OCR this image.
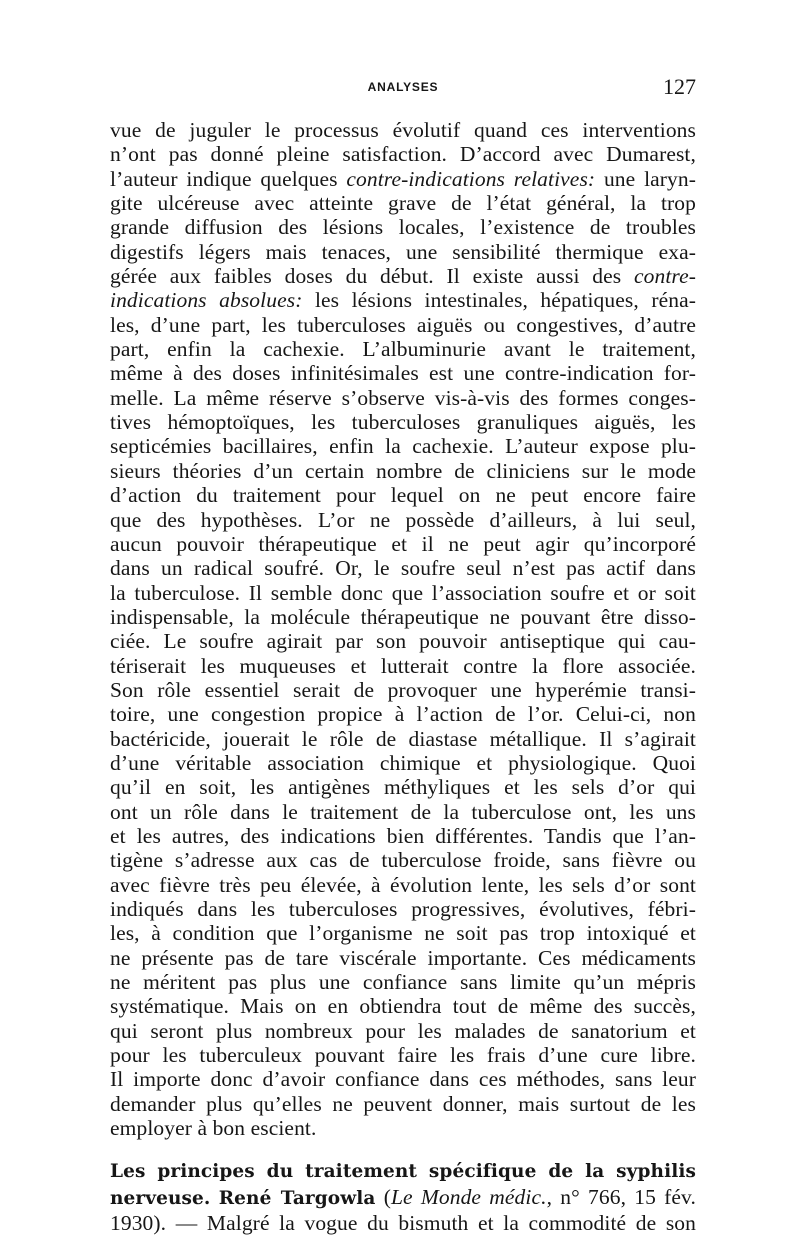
ANALYSES	127

vue de juguler le processus évolutif quand ces interventions
n’ont pas donné pleine satisfaction. D’accord avec Dumarest,
l’auteur indique quelques contre-indications relatives: une laryn-
gite ulcéreuse avec atteinte grave de l’état général, la trop
grande diffusion des lésions locales, l’existence de troubles
digestifs légers mais tenaces, une sensibilité thermique exa-
gérée aux faibles doses du début. Il existe aussi des contre-
indications absolues: les lésions intestinales, hépatiques, réna-
les, d’une part, les tuberculoses aiguës ou congestives, d’autre
part, enfin la cachexie. L’albuminurie avant le traitement,
même à des doses infinitésimales est une contre-indication for-
melle. La même réserve s’observe vis-à-vis des formes conges-
tives hémoptoïques, les tuberculoses granuliques aiguës, les
septicémies bacillaires, enfin la cachexie. L’auteur expose plu-
sieurs théories d’un certain nombre de cliniciens sur le mode
d’action du traitement pour lequel on ne peut encore faire
que des hypothèses. L’or ne possède d’ailleurs, à lui seul,
aucun pouvoir thérapeutique et il ne peut agir qu’incorporé
dans un radical soufré. Or, le soufre seul n’est pas actif dans
la tuberculose. Il semble donc que l’association soufre et or soit
indispensable, la molécule thérapeutique ne pouvant être disso-
ciée. Le soufre agirait par son pouvoir antiseptique qui cau-
tériserait les muqueuses et lutterait contre la flore associée.
Son rôle essentiel serait de provoquer une hyperémie transi-
toire, une congestion propice à l’action de l’or. Celui-ci, non
bactéricide, jouerait le rôle de diastase métallique. Il s’agirait
d’une véritable association chimique et physiologique. Quoi
qu’il en soit, les antigènes méthyliques et les sels d’or qui
ont un rôle dans le traitement de la tuberculose ont, les uns
et les autres, des indications bien différentes. Tandis que l’an-
tigène s’adresse aux cas de tuberculose froide, sans fièvre ou
avec fièvre très peu élevée, à évolution lente, les sels d’or sont
indiqués dans les tuberculoses progressives, évolutives, fébri-
les, à condition que l’organisme ne soit pas trop intoxiqué et
ne présente pas de tare viscérale importante. Ces médicaments
ne méritent pas plus une confiance sans limite qu’un mépris
systématique. Mais on en obtiendra tout de même des succès,
qui seront plus nombreux pour les malades de sanatorium et
pour les tuberculeux pouvant faire les frais d’une cure libre.
Il importe donc d’avoir confiance dans ces méthodes, sans leur
demander plus qu’elles ne peuvent donner, mais surtout de les
employer à bon escient.

Les principes du traitement spécifique de la syphilis
nerveuse. René Targowla (Le Monde médic., n° 766, 15 fév.
1930). — Malgré la vogue du bismuth et la commodité de son
